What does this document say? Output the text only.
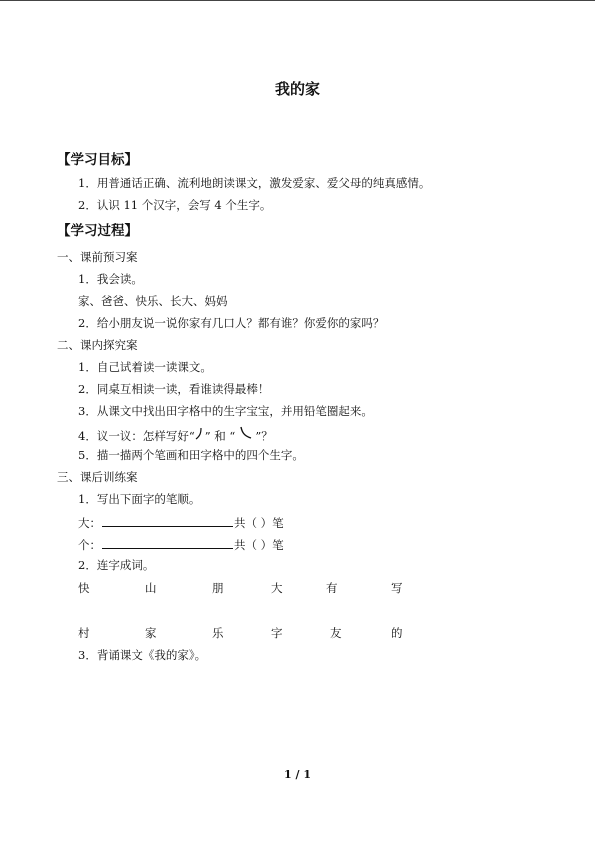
我的家
【学习目标】
1．用普通话正确、流利地朗读课文，激发爱家、爱父母的纯真感情。
2．认识 11 个汉字，会写 4 个生字。
【学习过程】
一、课前预习案
1．我会读。
家、爸爸、快乐、长大、妈妈
2．给小朋友说一说你家有几口人？都有谁？你爱你的家吗？
二、课内探究案
1．自己试着读一读课文。
2．同桌互相读一读，看谁读得最棒！
3．从课文中找出田字格中的生字宝宝，并用铅笔圈起来。
4．议一议：怎样写好“ ” 和 “ ”？
5．描一描两个笔画和田字格中的四个生字。
三、课后训练案
1．写出下面字的笔顺。
大：	共（ ）笔
个：	共（ ）笔
2．连字成词。
快	山	朋	大	有	写
村	家	乐	字	友	的
3．背诵课文《我的家》。
1 / 1
